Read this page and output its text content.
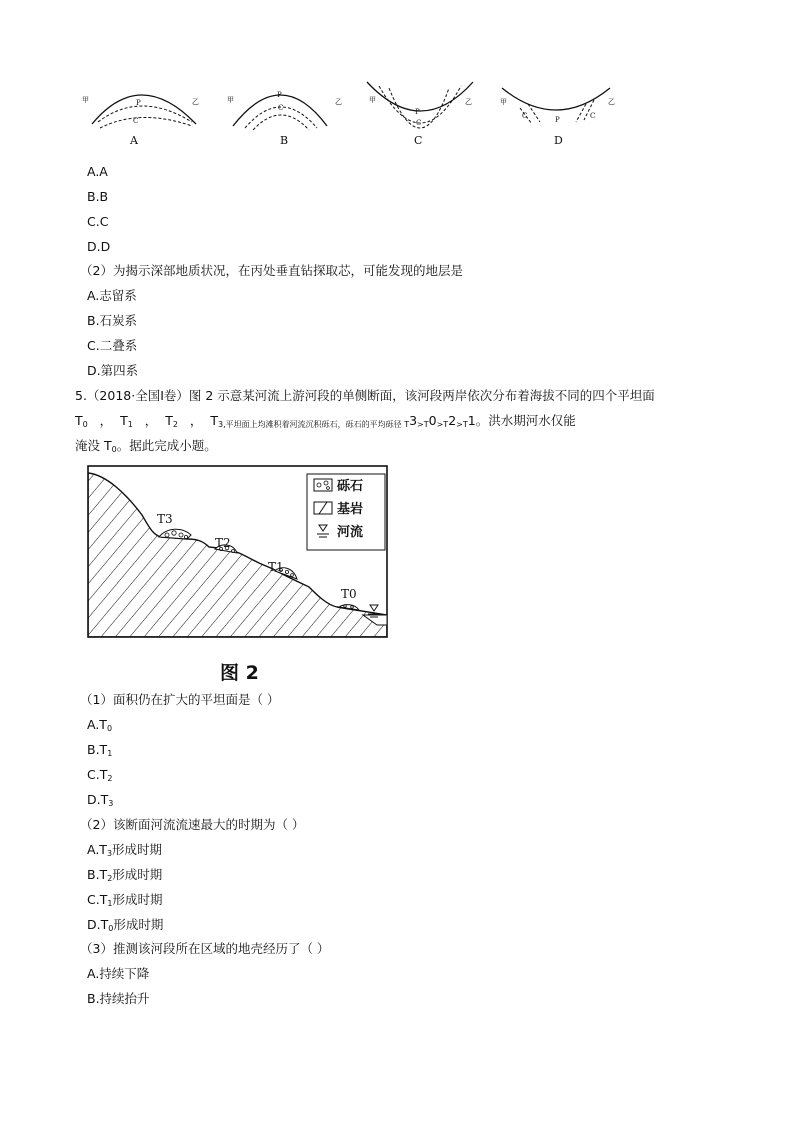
甲	乙
P
C
A
甲	乙
P
C
B
甲	乙
P
C
C
甲	乙
C	P	C
D
A.A
B.B
C.C
D.D
（2）为揭示深部地质状况，在丙处垂直钻探取芯，可能发现的地层是
A.志留系
B.石炭系
C.二叠系
D.第四系
5.（2018·全国Ⅰ卷）图 2 示意某河流上游河段的单侧断面，该河段两岸依次分布着海拔不同的四个平坦面
$T_0$ ， $T_1$ ， $T_2$ ， $T_{3,平坦面上均滩积着河流沉积砾石,砾石的平均砾径 T}3_{>T}0_{>T}2_{>T}1$。洪水期河水仅能
淹没 $T_0$。据此完成小题。
T3
T2
T1
T0
砾石
基岩
河流
图 2
（1）面积仍在扩大的平坦面是（ ）
$A.T_0$
$B.T_1$
$C.T_2$
$D.T_3$
（2）该断面河流流速最大的时期为（ ）
$A.T_3$形成时期
$B.T_2$形成时期
$C.T_1$形成时期
$D.T_0$形成时期
（3）推测该河段所在区域的地壳经历了（ ）
A.持续下降
B.持续抬升
